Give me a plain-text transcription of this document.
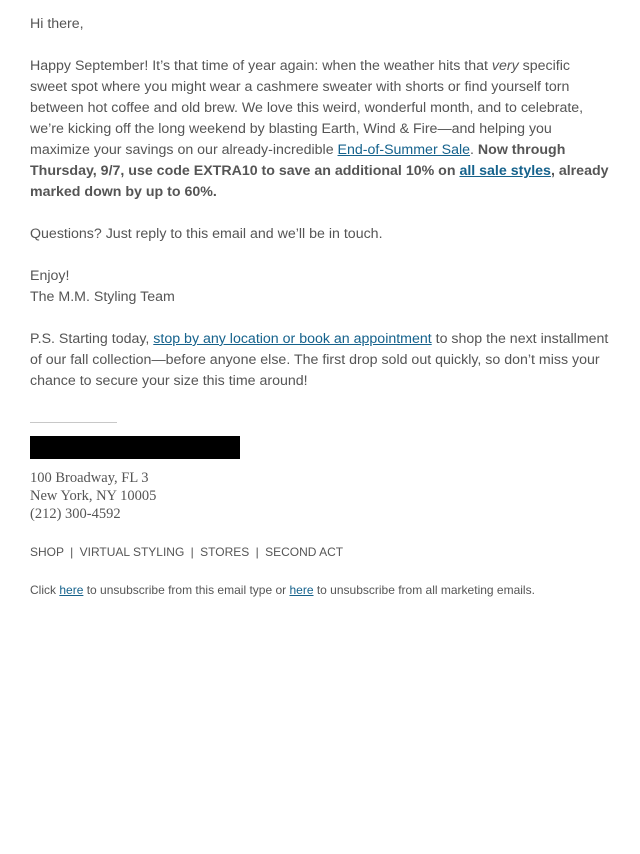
Hi there,

Happy September! It’s that time of year again: when the weather hits that very specific sweet spot where you might wear a cashmere sweater with shorts or find yourself torn between hot coffee and old brew. We love this weird, wonderful month, and to celebrate, we’re kicking off the long weekend by blasting Earth, Wind & Fire—and helping you maximize your savings on our already-incredible End-of-Summer Sale. Now through Thursday, 9/7, use code EXTRA10 to save an additional 10% on all sale styles, already marked down by up to 60%.

Questions? Just reply to this email and we’ll be in touch.

Enjoy!

The M.M. Styling Team

P.S. Starting today, stop by any location or book an appointment to shop the next installment of our fall collection—before anyone else. The first drop sold out quickly, so don’t miss your chance to secure your size this time around!

100 Broadway, FL 3
New York, NY 10005
(212) 300-4592
SHOP | VIRTUAL STYLING | STORES | SECOND ACT
Click here to unsubscribe from this email type or here to unsubscribe from all marketing emails.
